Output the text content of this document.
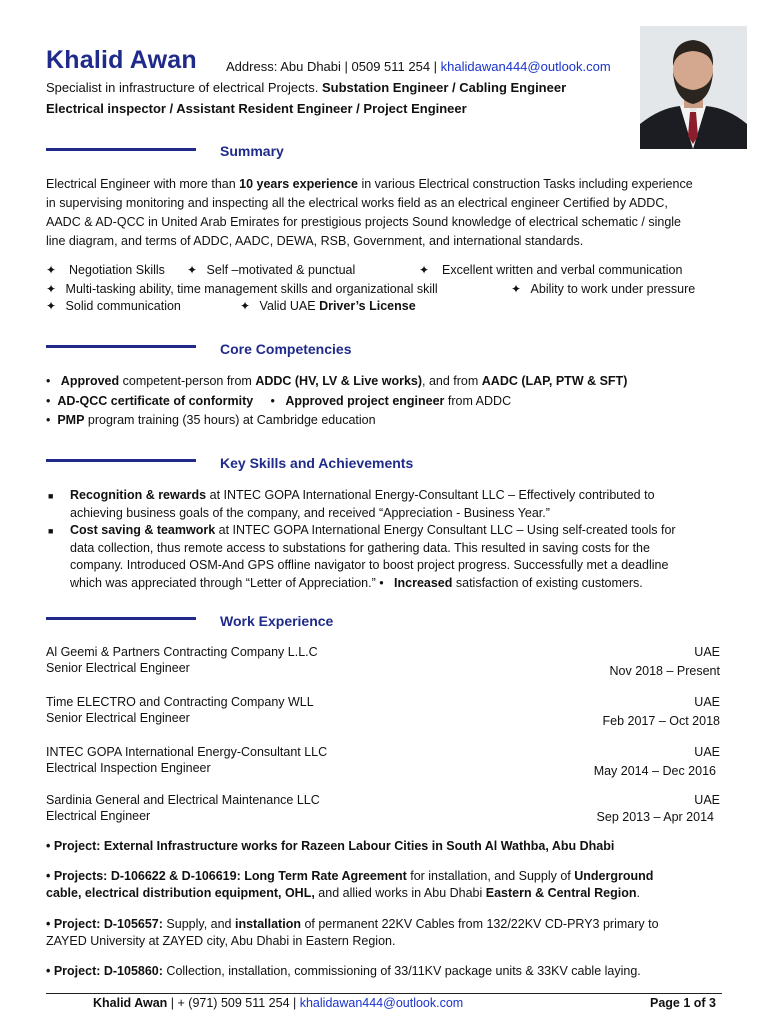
Khalid Awan Address: Abu Dhabi | 0509 511 254 | khalidawan444@outlook.com
Specialist in infrastructure of electrical Projects. Substation Engineer / Cabling Engineer
Electrical inspector / Assistant Resident Engineer / Project Engineer
Summary
Electrical Engineer with more than 10 years experience in various Electrical construction Tasks including experience
in supervising monitoring and inspecting all the electrical works field as an electrical engineer Certified by ADDC,
AADC & AD-QCC in United Arab Emirates for prestigious projects Sound knowledge of electrical schematic / single
line diagram, and terms of ADDC, AADC, DEWA, RSB, Government, and international standards.
✦ Negotiation Skills ✦ Self –motivated & punctual	✦ Excellent written and verbal communication
✦ Multi-tasking ability, time management skills and organizational skill	✦ Ability to work under pressure
✦ Solid communication	✦ Valid UAE Driver’s License
Core Competencies
•   Approved competent-person from ADDC (HV, LV & Live works), and from AADC (LAP, PTW & SFT)
•  AD-QCC certificate of conformity     •   Approved project engineer from ADDC
•  PMP program training (35 hours) at Cambridge education
Key Skills and Achievements
■ Recognition & rewards at INTEC GOPA International Energy-Consultant LLC – Effectively contributed to
achieving business goals of the company, and received “Appreciation - Business Year.”
■ Cost saving & teamwork at INTEC GOPA International Energy Consultant LLC – Using self-created tools for
data collection, thus remote access to substations for gathering data. This resulted in saving costs for the
company. Introduced OSM-And GPS offline navigator to boost project progress. Successfully met a deadline
which was appreciated through “Letter of Appreciation.” • Increased satisfaction of existing customers.
Work Experience
Al Geemi & Partners Contracting Company L.L.C	UAE
Senior Electrical Engineer	Nov 2018 – Present
Time ELECTRO and Contracting Company WLL	UAE
Senior Electrical Engineer	Feb 2017 – Oct 2018
INTEC GOPA International Energy-Consultant LLC	UAE
Electrical Inspection Engineer	May 2014 – Dec 2016
Sardinia General and Electrical Maintenance LLC	UAE
Electrical Engineer	Sep 2013 – Apr 2014
• Project: External Infrastructure works for Razeen Labour Cities in South Al Wathba, Abu Dhabi
• Projects: D-106622 & D-106619: Long Term Rate Agreement for installation, and Supply of Underground
cable, electrical distribution equipment, OHL, and allied works in Abu Dhabi Eastern & Central Region.
• Project: D-105657: Supply, and installation of permanent 22KV Cables from 132/22KV CD-PRY3 primary to
ZAYED University at ZAYED city, Abu Dhabi in Eastern Region.
• Project: D-105860: Collection, installation, commissioning of 33/11KV package units & 33KV cable laying.
Khalid Awan | + (971) 509 511 254 | khalidawan444@outlook.com	Page 1 of 3
